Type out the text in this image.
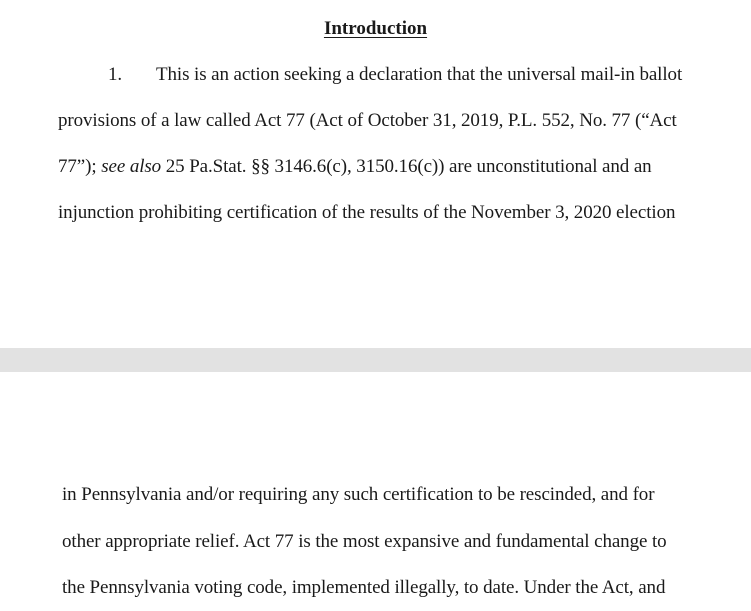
Introduction
1. This is an action seeking a declaration that the universal mail-in ballot
provisions of a law called Act 77 (Act of October 31, 2019, P.L. 552, No. 77 (“Act
77”); see also 25 Pa.Stat. §§ 3146.6(c), 3150.16(c)) are unconstitutional and an
injunction prohibiting certification of the results of the November 3, 2020 election
in Pennsylvania and/or requiring any such certification to be rescinded, and for
other appropriate relief. Act 77 is the most expansive and fundamental change to
the Pennsylvania voting code, implemented illegally, to date. Under the Act, and
